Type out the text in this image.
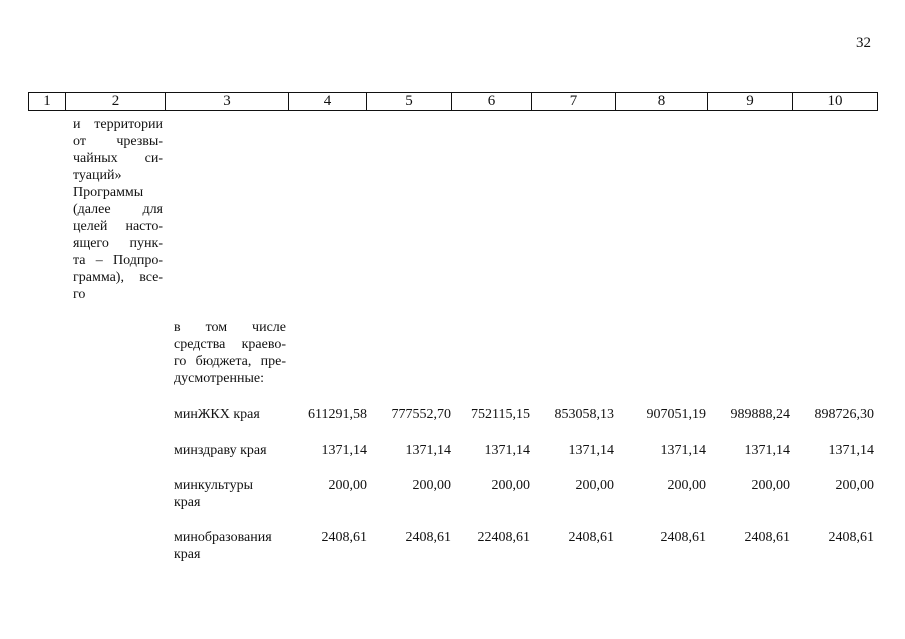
32
1	2	3	4	5	6	7	8	9	10
и территории
от чрезвы-
чайных си-
туаций»
Программы
(далее для
целей насто-
ящего пунк-
та – Подпро-
грамма), все-
го
в том числе
средства краево-
го бюджета, пре-
дусмотренные:
минЖКХ края	611291,58 777552,70 752115,15 853058,13 907051,19 989888,24 898726,30
минздраву края	1371,14	1371,14 1371,14	1371,14	1371,14	1371,14	1371,14
минкультуры
края
200,00	200,00	200,00	200,00	200,00	200,00	200,00
минобразования
края
2408,61	2408,61 22408,61	2408,61	2408,61	2408,61	2408,61
